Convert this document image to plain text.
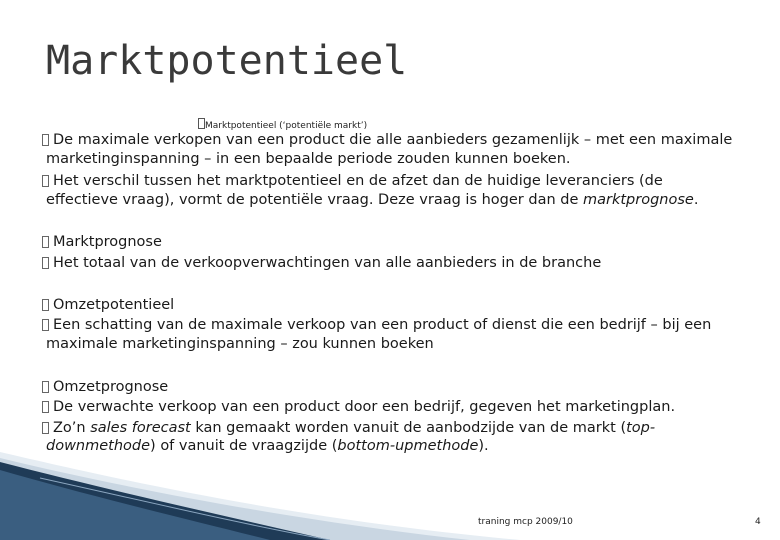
Marktpotentieel
Marktpotentieel (‘potentiële markt’)
De maximale verkopen van een product die alle aanbieders gezamenlijk – met een maximale
marketinginspanning – in een bepaalde periode zouden kunnen boeken.
Het verschil tussen het marktpotentieel en de afzet dan de huidige leveranciers (de
effectieve vraag), vormt de potentiële vraag. Deze vraag is hoger dan de marktprognose.
Marktprognose
Het totaal van de verkoopverwachtingen van alle aanbieders in de branche
Omzetpotentieel
Een schatting van de maximale verkoop van een product of dienst die een bedrijf – bij een
maximale marketinginspanning – zou kunnen boeken
Omzetprognose
De verwachte verkoop van een product door een bedrijf, gegeven het marketingplan.
Zo’n sales forecast kan gemaakt worden vanuit de aanbodzijde van de markt (top-
downmethode) of vanuit de vraagzijde (bottom-upmethode).
traning mcp 2009/10	4
